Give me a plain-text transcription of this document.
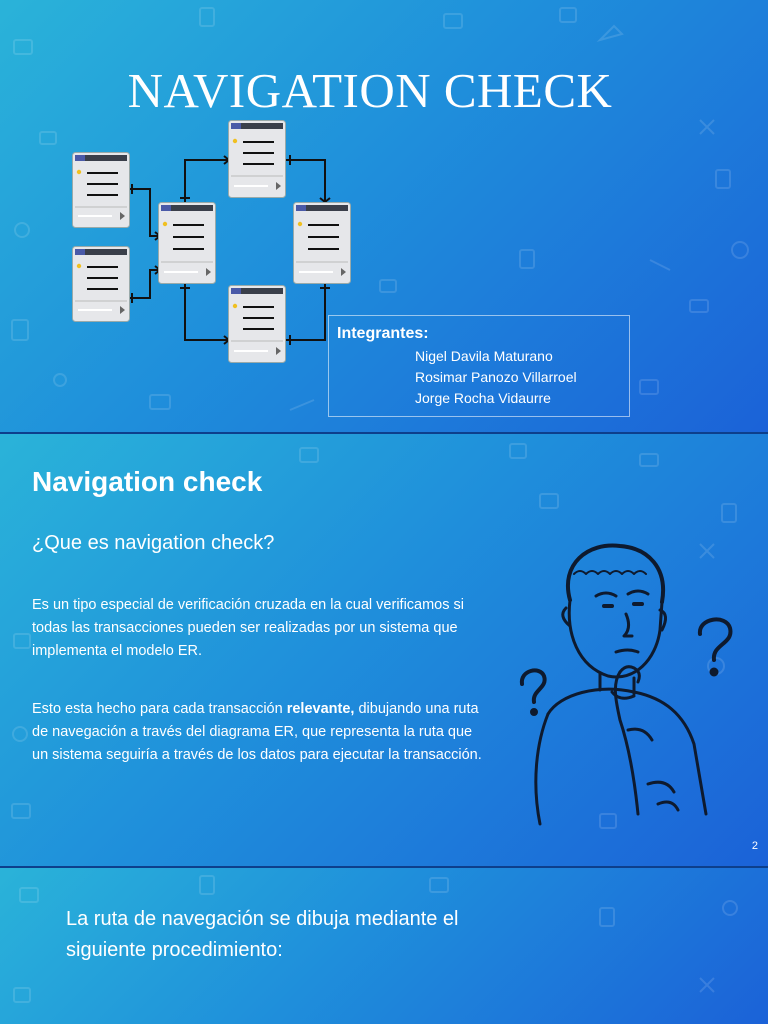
NAVIGATION CHECK
Integrantes:
Nigel Davila Maturano
Rosimar Panozo Villarroel
Jorge Rocha Vidaurre
Navigation check
¿Que es navigation check?
Es un tipo especial de verificación cruzada en la cual verificamos si todas las transacciones pueden ser realizadas por un sistema que implementa el modelo ER.
Esto esta hecho para cada transacción relevante, dibujando una ruta de navegación a través del diagrama ER, que representa la ruta que un sistema seguiría a través de los datos para ejecutar la transacción.
2
La ruta de navegación se dibuja mediante el siguiente procedimiento:
